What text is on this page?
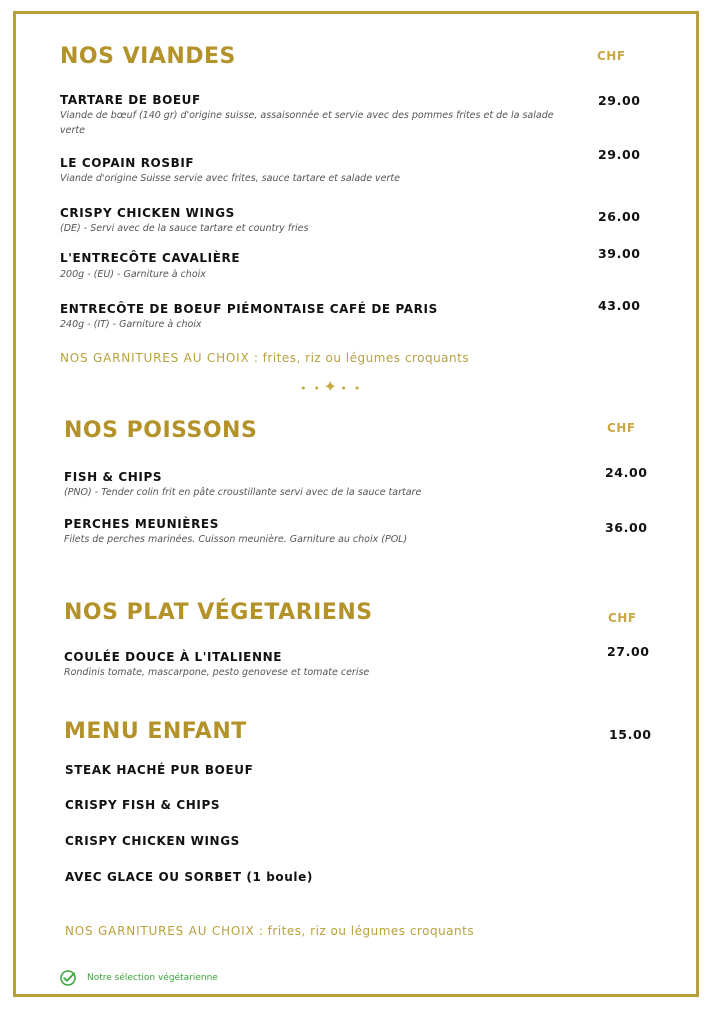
NOS VIANDES	CHF
TARTARE DE BOEUF
Viande de bœuf (140 gr) d'origine suisse, assaisonnée et servie avec des pommes frites et de la salade verte
29.00
LE COPAIN ROSBIF
Viande d'origine Suisse servie avec frites, sauce tartare et salade verte
29.00
CRISPY CHICKEN WINGS
(DE) - Servi avec de la sauce tartare et country fries
26.00
L'ENTRECÔTE CAVALIÈRE
200g - (EU) - Garniture à choix
39.00
ENTRECÔTE DE BOEUF PIÉMONTAISE CAFÉ DE PARIS
240g - (IT) - Garniture à choix
43.00
NOS GARNITURES AU CHOIX : frites, riz ou légumes croquants
•  • ✦ •  •
NOS POISSONS	CHF
FISH & CHIPS
(PNO) - Tender colin frit en pâte croustillante servi avec de la sauce tartare
24.00
PERCHES MEUNIÈRES
Filets de perches marinées. Cuisson meunière. Garniture au choix (POL)
36.00
NOS PLAT VÉGETARIENS	CHF
COULÉE DOUCE À L'ITALIENNE
Rondinis tomate, mascarpone, pesto genovese et tomate cerise
27.00
MENU ENFANT	15.00
STEAK HACHÉ PUR BOEUF
CRISPY FISH & CHIPS
CRISPY CHICKEN WINGS
AVEC GLACE OU SORBET (1 boule)
NOS GARNITURES AU CHOIX : frites, riz ou légumes croquants
Notre sélection végétarienne
